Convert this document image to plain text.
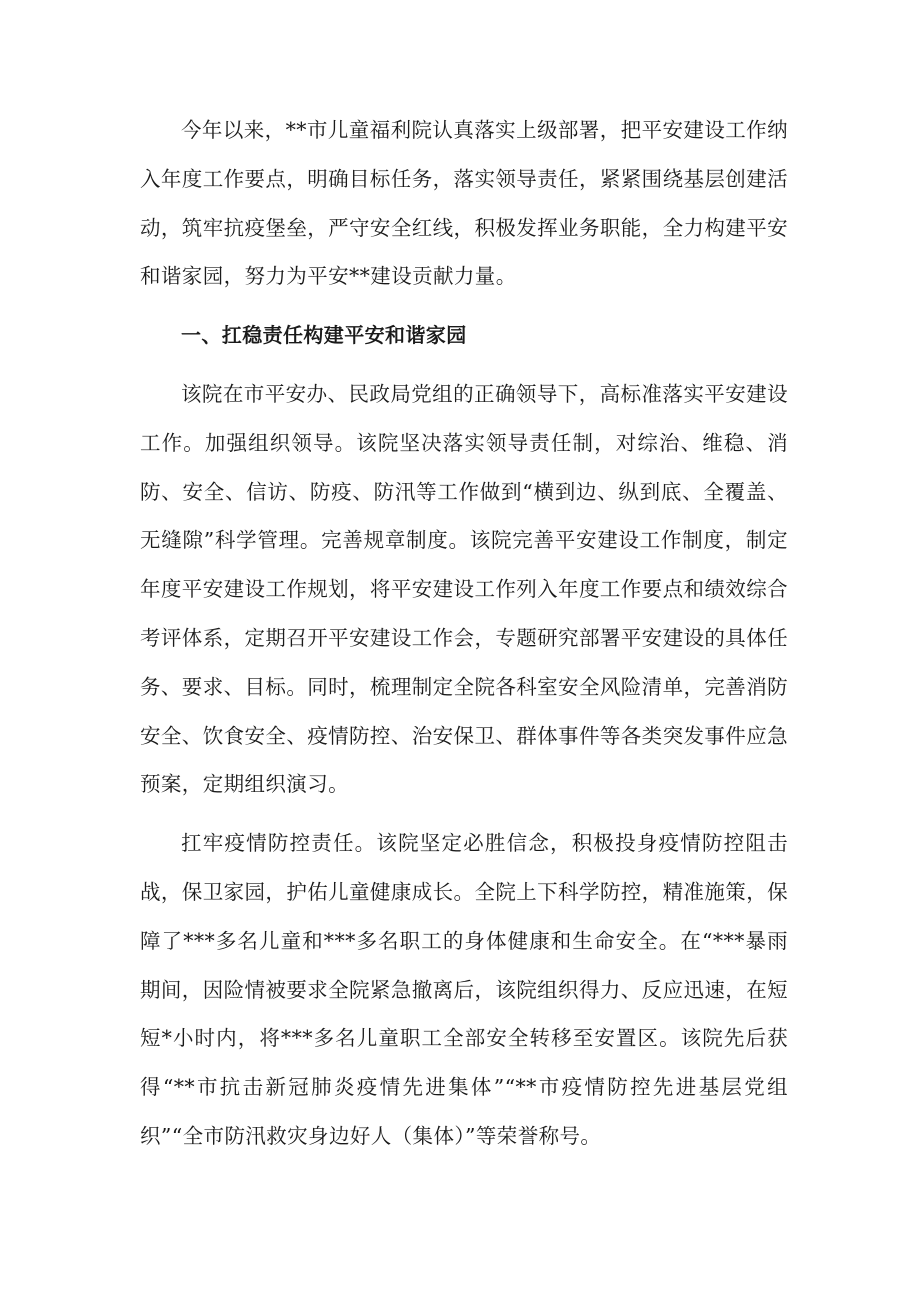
今年以来，**市儿童福利院认真落实上级部署，把平安建设工作纳入年度工作要点，明确目标任务，落实领导责任，紧紧围绕基层创建活动，筑牢抗疫堡垒，严守安全红线，积极发挥业务职能，全力构建平安和谐家园，努力为平安**建设贡献力量。

一、扛稳责任构建平安和谐家园

该院在市平安办、民政局党组的正确领导下，高标准落实平安建设工作。加强组织领导。该院坚决落实领导责任制，对综治、维稳、消防、安全、信访、防疫、防汛等工作做到“横到边、纵到底、全覆盖、无缝隙”科学管理。完善规章制度。该院完善平安建设工作制度，制定年度平安建设工作规划，将平安建设工作列入年度工作要点和绩效综合考评体系，定期召开平安建设工作会，专题研究部署平安建设的具体任务、要求、目标。同时，梳理制定全院各科室安全风险清单，完善消防安全、饮食安全、疫情防控、治安保卫、群体事件等各类突发事件应急预案，定期组织演习。

扛牢疫情防控责任。该院坚定必胜信念，积极投身疫情防控阻击战，保卫家园，护佑儿童健康成长。全院上下科学防控，精准施策，保障了***多名儿童和***多名职工的身体健康和生命安全。在“***暴雨期间，因险情被要求全院紧急撤离后，该院组织得力、反应迅速，在短短*小时内，将***多名儿童职工全部安全转移至安置区。该院先后获得“**市抗击新冠肺炎疫情先进集体”“**市疫情防控先进基层党组织”“全市防汛救灾身边好人（集体）”等荣誉称号。
